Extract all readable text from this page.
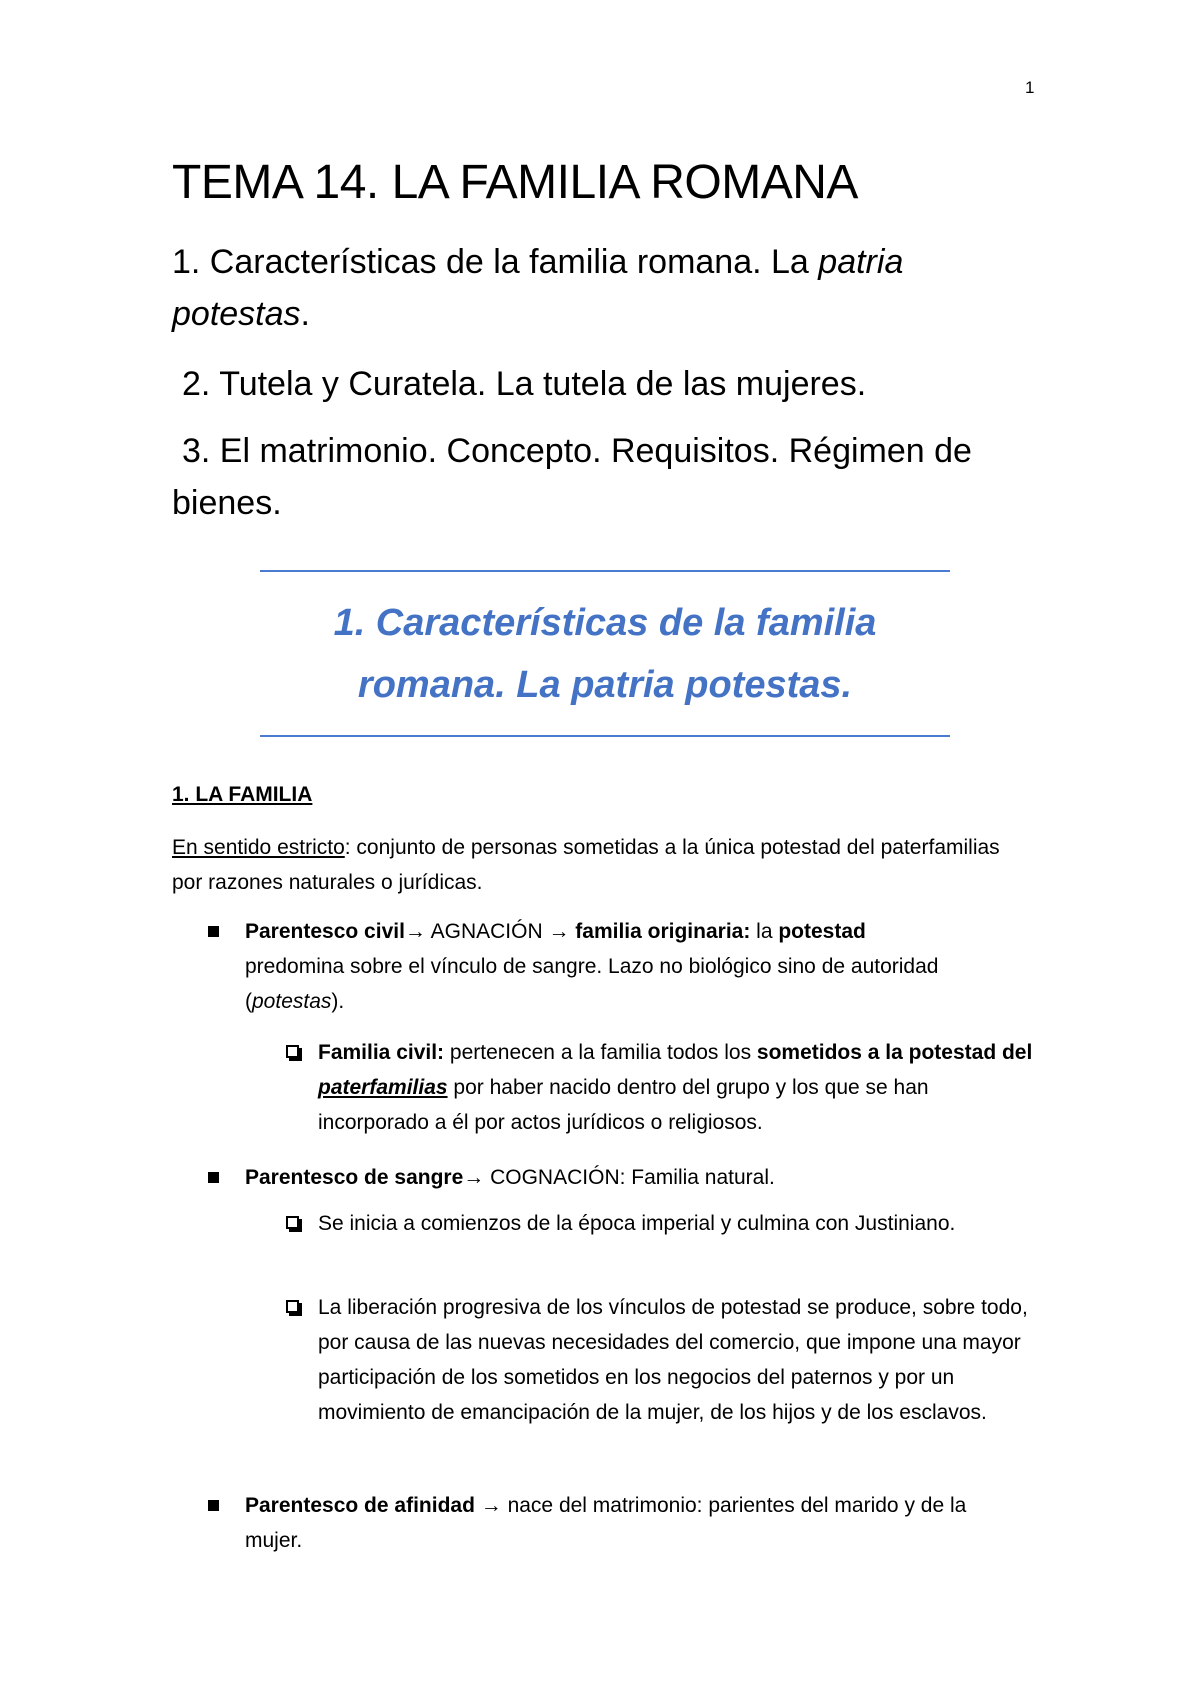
1
TEMA 14. LA FAMILIA ROMANA

1. Características de la familia romana. La patria potestas.

2. Tutela y Curatela. La tutela de las mujeres.

3. El matrimonio. Concepto. Requisitos. Régimen de

bienes.

1. Características de la familia
romana. La patria potestas.
1. LA FAMILIA

En sentido estricto: conjunto de personas sometidas a la única potestad del paterfamilias por razones naturales o jurídicas.

Parentesco civil→ AGNACIÓN → familia originaria: la potestad predomina sobre el vínculo de sangre. Lazo no biológico sino de autoridad (potestas).
Familia civil: pertenecen a la familia todos los sometidos a la potestad del paterfamilias por haber nacido dentro del grupo y los que se han incorporado a él por actos jurídicos o religiosos.
Parentesco de sangre→ COGNACIÓN: Familia natural.
Se inicia a comienzos de la época imperial y culmina con Justiniano.
La liberación progresiva de los vínculos de potestad se produce, sobre todo, por causa de las nuevas necesidades del comercio, que impone una mayor participación de los sometidos en los negocios del paternos y por un movimiento de emancipación de la mujer, de los hijos y de los esclavos.
Parentesco de afinidad → nace del matrimonio: parientes del marido y de la mujer.
